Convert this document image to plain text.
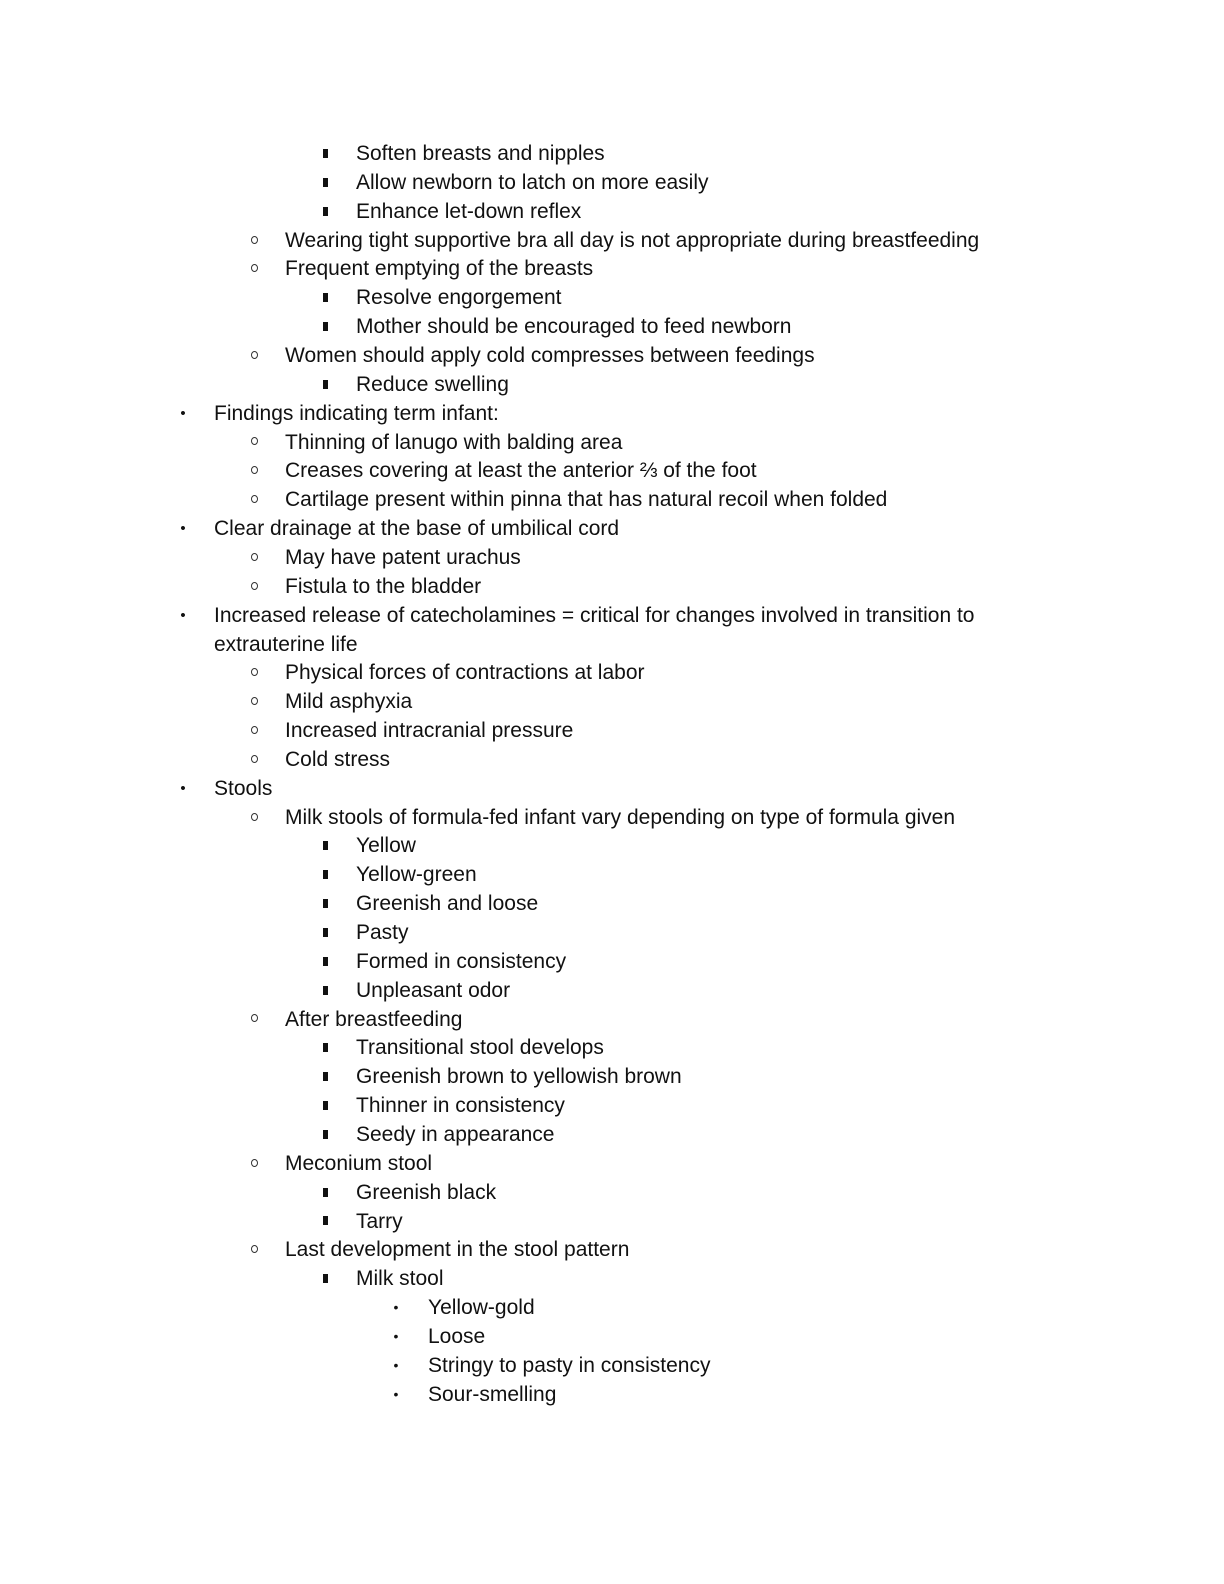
Soften breasts and nipples
Allow newborn to latch on more easily
Enhance let-down reflex
Wearing tight supportive bra all day is not appropriate during breastfeeding
Frequent emptying of the breasts
Resolve engorgement
Mother should be encouraged to feed newborn
Women should apply cold compresses between feedings
Reduce swelling
•	Findings indicating term infant:
Thinning of lanugo with balding area
Creases covering at least the anterior ⅔ of the foot
Cartilage present within pinna that has natural recoil when folded
•	Clear drainage at the base of umbilical cord
May have patent urachus
Fistula to the bladder
•	Increased release of catecholamines = critical for changes involved in transition to
extrauterine life
Physical forces of contractions at labor
Mild asphyxia
Increased intracranial pressure
Cold stress
•	Stools
Milk stools of formula-fed infant vary depending on type of formula given
Yellow
Yellow-green
Greenish and loose
Pasty
Formed in consistency
Unpleasant odor
After breastfeeding
Transitional stool develops
Greenish brown to yellowish brown
Thinner in consistency
Seedy in appearance
Meconium stool
Greenish black
Tarry
Last development in the stool pattern
Milk stool
•	Yellow-gold
•	Loose
•	Stringy to pasty in consistency
•	Sour-smelling
